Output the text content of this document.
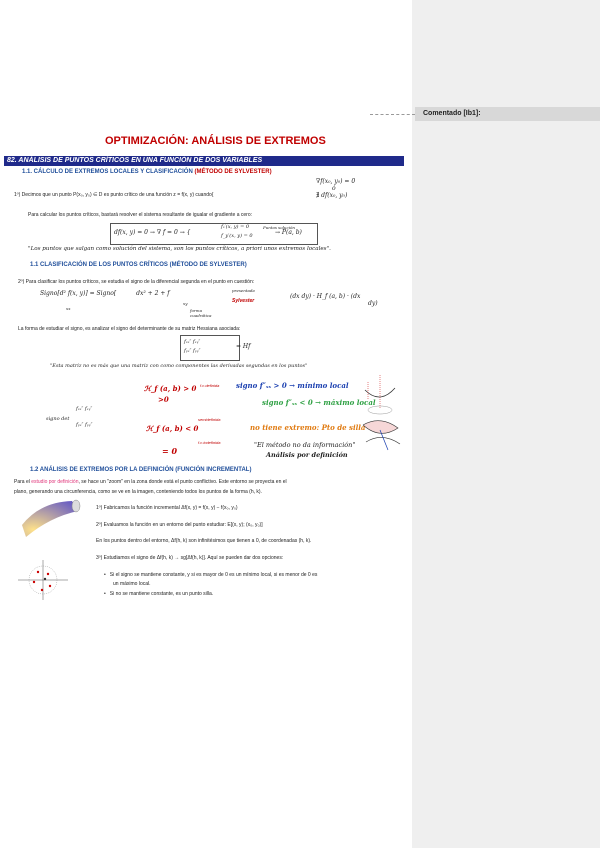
OPTIMIZACIÓN: ANÁLISIS DE EXTREMOS
82. ANÁLISIS DE PUNTOS CRÍTICOS EN UNA FUNCIÓN DE DOS VARIABLES
1.1. CÁLCULO DE EXTREMOS LOCALES Y CLASIFICACIÓN (MÉTODO DE SYLVESTER)
∇f(x₀, y₀) = 0
ó
∄ df(x₀, y₀)
1º) Decimos que un punto P(x₀, y₀) ∈ D es punto crítico de una función z = f(x, y) cuando{
Para calcular los puntos críticos, bastará resolver el sistema resultante de igualar el gradiente a cero:
df(x, y) = 0 → ∇ f = 0 → {
fₓ′(x, y) = 0
f_y′(x, y) = 0
Puntos solución
→ P(a, b)
"Los puntos que salgan como solución del sistema, son los puntos críticos, a priori unos extremos locales".
1.1 CLASIFICACIÓN DE LOS PUNTOS CRÍTICOS (MÉTODO DE SYLVESTER)
2º) Para clasificar los puntos críticos, se estudia el signo de la diferencial segunda en el punto en cuestión:
Signo[d² f(x, y)] = Signo[	dx² + 2 + f
xy
xx
presentada
Sylvester
forma cuadrática
(dx dy) · H_f (a, b) · (dx
dy)
La forma de estudiar el signo, es analizar el signo del determinante de su matriz Hessiana asociada:
fₓₓ″ fₓᵧ″
fᵧₓ″ fᵧᵧ″
= Hf
"Esta matriz no es más que una matriz con como componentes las derivadas segundas en los puntos"
ℋ_f (a, b) > 0 f.c.definida signo f″ₓₓ > 0 → mínimo local
>0	signo f″ₓₓ < 0 → máximo local
signo det
fₓₓ″ fₓᵧ″
fᵧₓ″ fᵧᵧ″
semidefinida
ℋ_f (a, b) < 0	no tiene extremo: Pto de silla
f.c.indefinida
= 0
"El método no da información"
Análisis por definición
1.2 ANÁLISIS DE EXTREMOS POR LA DEFINICIÓN (FUNCIÓN INCREMENTAL)
Para el estudio por definición, se hace un "zoom" en la zona donde está el punto conflictivo. Este entorno se proyecta en el
plano, generando una circunferencia, como se ve en la imagen, conteniendo todos los puntos de la forma (h, k).
1º) Fabricamos la función incremental Δf(x, y) = f(x, y) − f(x₀, y₀)
2º) Evaluamos la función en un entorno del punto estudiar: E[(x, y); (x₀, y₀)]
En los puntos dentro del entorno, Δf(h, k) son infinitésimos que tienen a 0, de coordenadas (h, k).
3º) Estudiamos el signo de Δf(h, k) → sg[Δf(h, k)]. Aquí se pueden dar dos opciones:
• Si el signo se mantiene constante, y si es mayor de 0 es un mínimo local, si es menor de 0 es
un máximo local.
• Si no se mantiene constante, es un punto silla.
Comentado [Ib1]:
